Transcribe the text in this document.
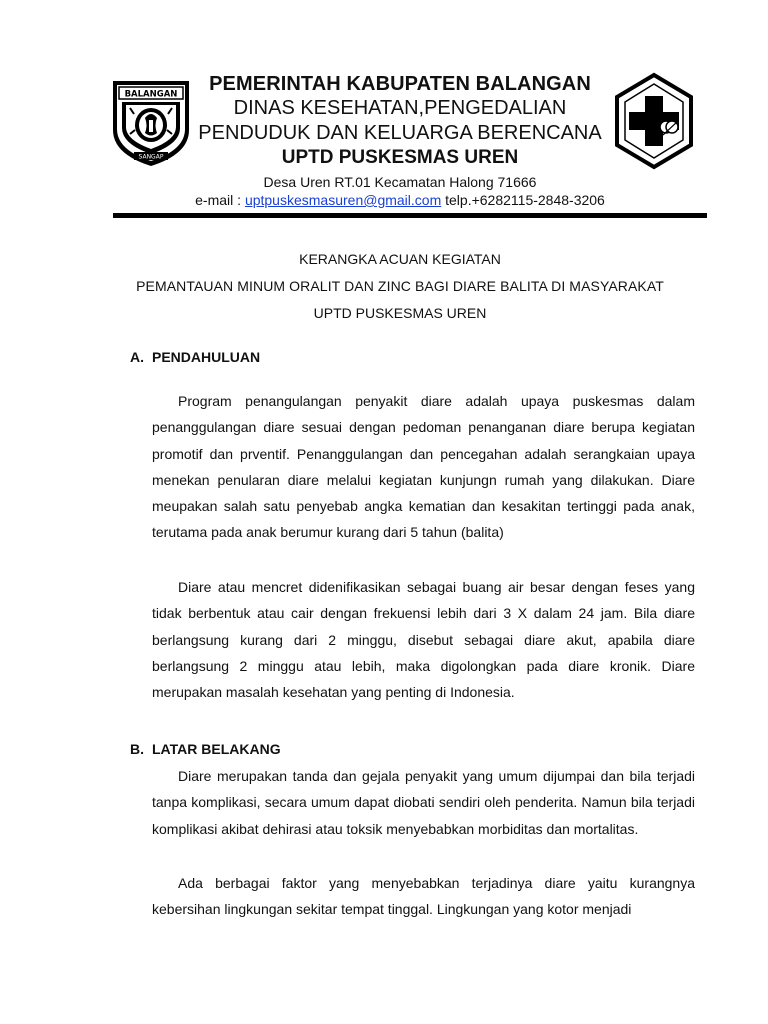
BALANGAN
SANGAP
PEMERINTAH KABUPATEN BALANGAN
DINAS KESEHATAN,PENGEDALIAN
PENDUDUK DAN KELUARGA BERENCANA
UPTD PUSKESMAS UREN
Desa Uren RT.01 Kecamatan Halong 71666
e-mail : uptpuskesmasuren@gmail.com telp.+6282115-2848-3206
KERANGKA ACUAN KEGIATAN
PEMANTAUAN MINUM ORALIT DAN ZINC BAGI DIARE BALITA DI MASYARAKAT
UPTD PUSKESMAS UREN
A. PENDAHULUAN

Program penangulangan penyakit diare adalah upaya puskesmas dalam penanggulangan diare sesuai dengan pedoman penanganan diare berupa kegiatan promotif dan prventif. Penanggulangan dan pencegahan adalah serangkaian upaya menekan penularan diare melalui kegiatan kunjungn rumah yang dilakukan. Diare meupakan salah satu penyebab angka kematian dan kesakitan tertinggi pada anak, terutama pada anak berumur kurang dari 5 tahun (balita)

Diare atau mencret didenifikasikan sebagai buang air besar dengan feses yang tidak berbentuk atau cair dengan frekuensi lebih dari 3 X dalam 24 jam. Bila diare berlangsung kurang dari 2 minggu, disebut sebagai diare akut, apabila diare berlangsung 2 minggu atau lebih, maka digolongkan pada diare kronik. Diare merupakan masalah kesehatan yang penting di Indonesia.

B. LATAR BELAKANG

Diare merupakan tanda dan gejala penyakit yang umum dijumpai dan bila terjadi tanpa komplikasi, secara umum dapat diobati sendiri oleh penderita. Namun bila terjadi komplikasi akibat dehirasi atau toksik menyebabkan morbiditas dan mortalitas.

Ada berbagai faktor yang menyebabkan terjadinya diare yaitu kurangnya kebersihan lingkungan sekitar tempat tinggal. Lingkungan yang kotor menjadi
